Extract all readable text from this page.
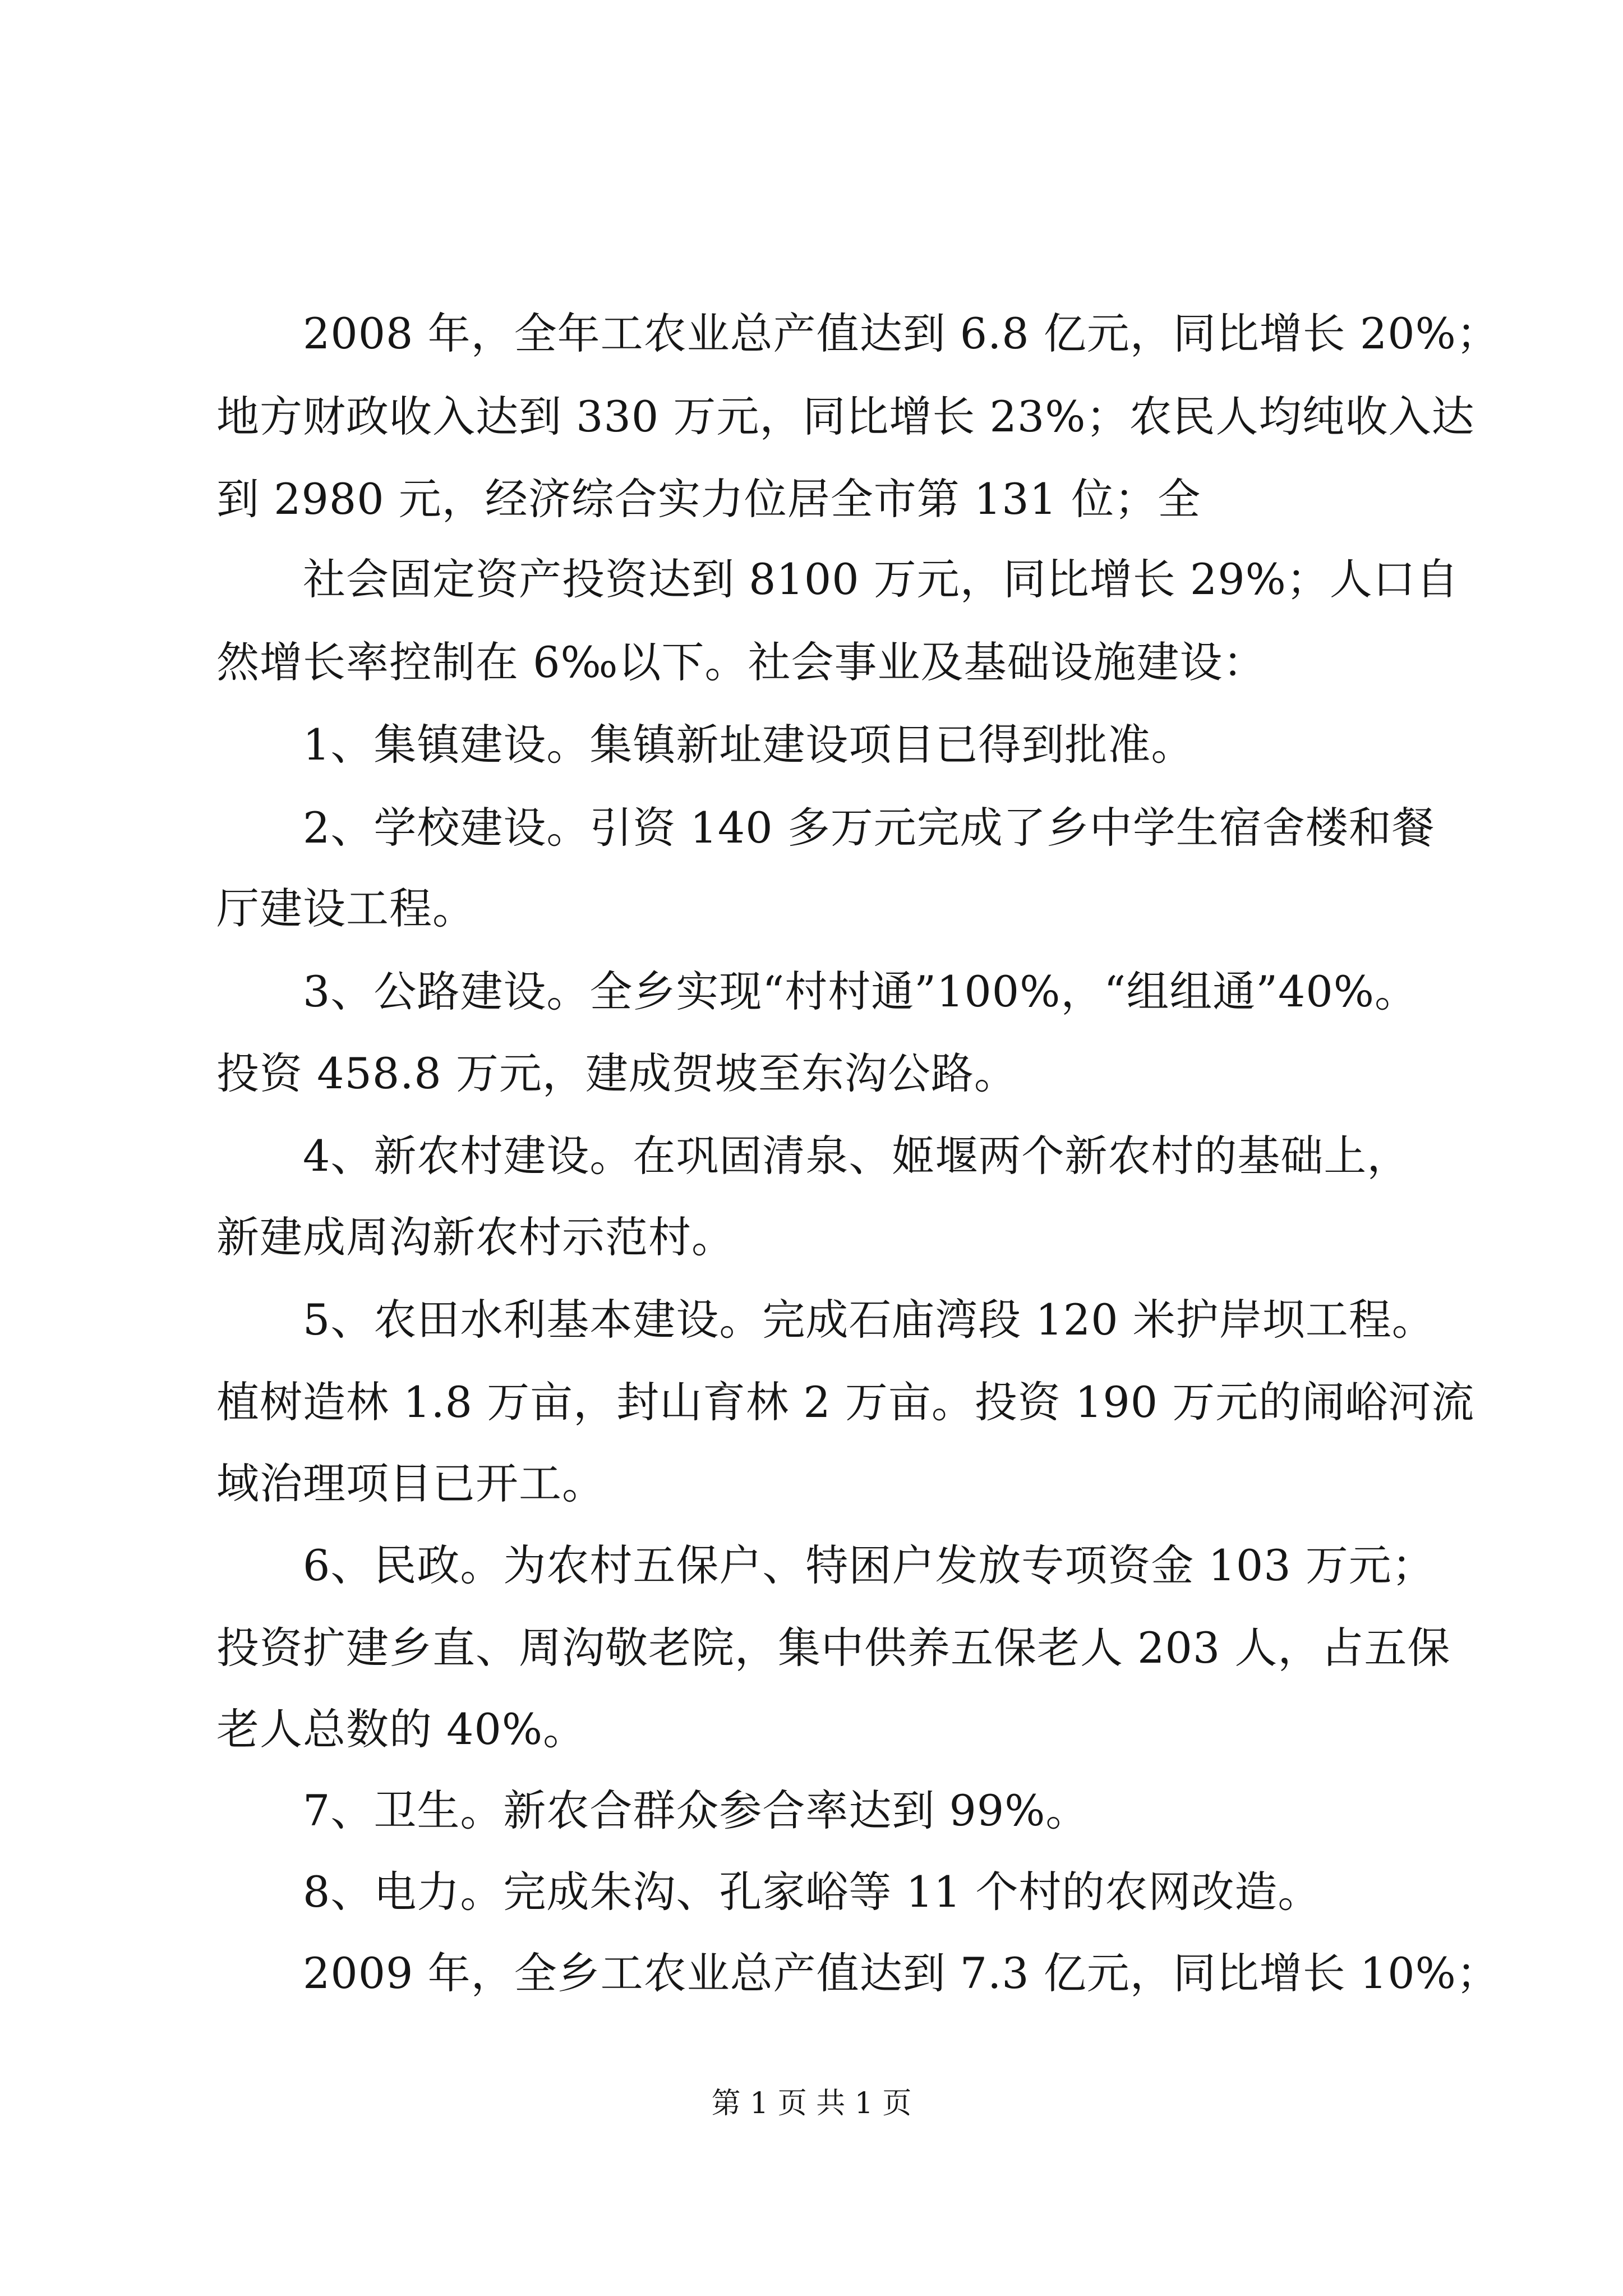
2008 年，全年工农业总产值达到 6.8 亿元，同比增长 20%；
地方财政收入达到 330 万元，同比增长 23%；农民人均纯收入达
到 2980 元，经济综合实力位居全市第 131 位；全
社会固定资产投资达到 8100 万元，同比增长 29%；人口自
然增长率控制在 6‰以下。社会事业及基础设施建设：
1、集镇建设。集镇新址建设项目已得到批准。
2、学校建设。引资 140 多万元完成了乡中学生宿舍楼和餐
厅建设工程。
3、公路建设。全乡实现“村村通”100%，“组组通”40%。
投资 458.8 万元，建成贺坡至东沟公路。
4、新农村建设。在巩固清泉、姬堰两个新农村的基础上，
新建成周沟新农村示范村。
5、农田水利基本建设。完成石庙湾段 120 米护岸坝工程。
植树造林 1.8 万亩，封山育林 2 万亩。投资 190 万元的闹峪河流
域治理项目已开工。
6、民政。为农村五保户、特困户发放专项资金 103 万元；
投资扩建乡直、周沟敬老院，集中供养五保老人 203 人，占五保
老人总数的 40%。
7、卫生。新农合群众参合率达到 99%。
8、电力。完成朱沟、孔家峪等 11 个村的农网改造。
2009 年，全乡工农业总产值达到 7.3 亿元，同比增长 10%；
第 1 页 共 1 页
